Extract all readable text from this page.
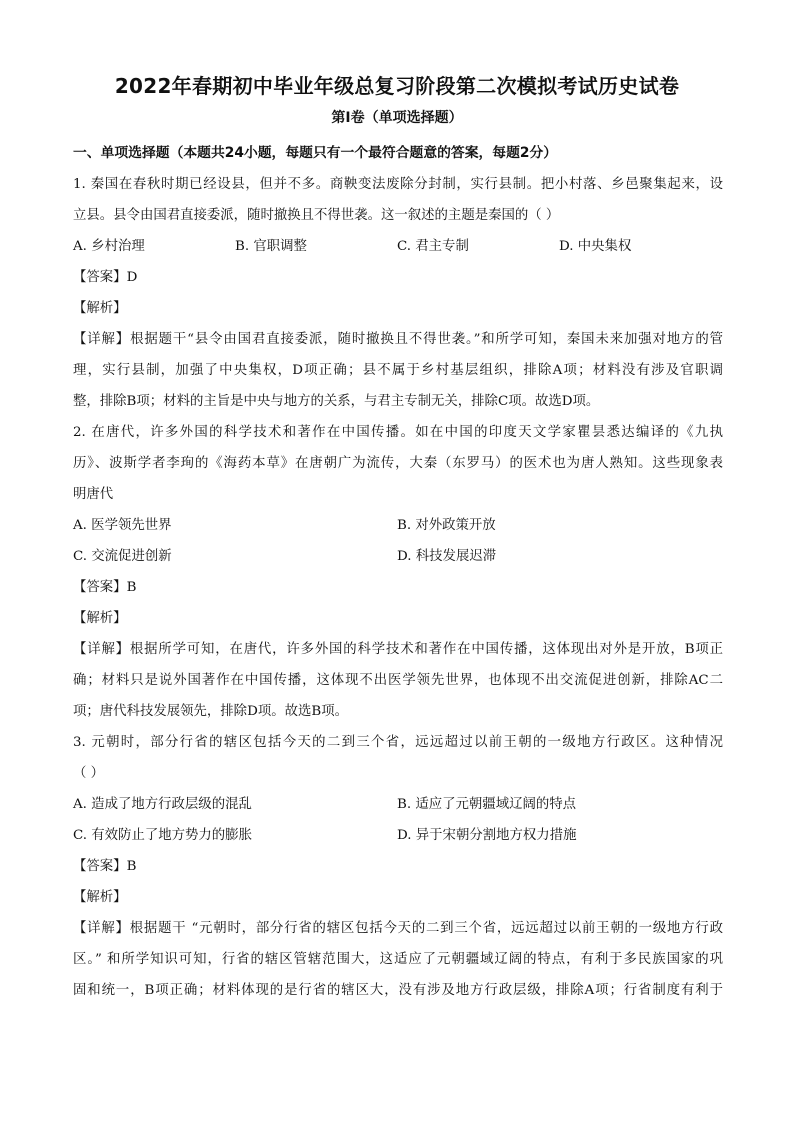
2022年春期初中毕业年级总复习阶段第二次模拟考试历史试卷
第Ⅰ卷（单项选择题）
一、单项选择题（本题共24小题，每题只有一个最符合题意的答案，每题2分）
1. 秦国在春秋时期已经设县，但并不多。商鞅变法废除分封制，实行县制。把小村落、乡邑聚集起来，设
立县。县令由国君直接委派，随时撤换且不得世袭。这一叙述的主题是秦国的（ ）
A. 乡村治理	B. 官职调整	C. 君主专制	D. 中央集权
【答案】D
【解析】
【详解】根据题干“县令由国君直接委派，随时撤换且不得世袭。”和所学可知，秦国未来加强对地方的管
理，实行县制，加强了中央集权，D项正确；县不属于乡村基层组织，排除A项；材料没有涉及官职调
整，排除B项；材料的主旨是中央与地方的关系，与君主专制无关，排除C项。故选D项。
2. 在唐代，许多外国的科学技术和著作在中国传播。如在中国的印度天文学家瞿昙悉达编译的《九执
历》、波斯学者李珣的《海药本草》在唐朝广为流传，大秦（东罗马）的医术也为唐人熟知。这些现象表
明唐代
A. 医学领先世界	B. 对外政策开放
C. 交流促进创新	D. 科技发展迟滞
【答案】B
【解析】
【详解】根据所学可知，在唐代，许多外国的科学技术和著作在中国传播，这体现出对外是开放，B项正
确；材料只是说外国著作在中国传播，这体现不出医学领先世界，也体现不出交流促进创新，排除AC二
项；唐代科技发展领先，排除D项。故选B项。
3. 元朝时，部分行省的辖区包括今天的二到三个省，远远超过以前王朝的一级地方行政区。这种情况
（ ）
A. 造成了地方行政层级的混乱	B. 适应了元朝疆域辽阔的特点
C. 有效防止了地方势力的膨胀	D. 异于宋朝分割地方权力措施
【答案】B
【解析】
【详解】根据题干 “元朝时，部分行省的辖区包括今天的二到三个省，远远超过以前王朝的一级地方行政
区。” 和所学知识可知，行省的辖区管辖范围大，这适应了元朝疆域辽阔的特点，有利于多民族国家的巩
固和统一，B项正确；材料体现的是行省的辖区大，没有涉及地方行政层级，排除A项；行省制度有利于
